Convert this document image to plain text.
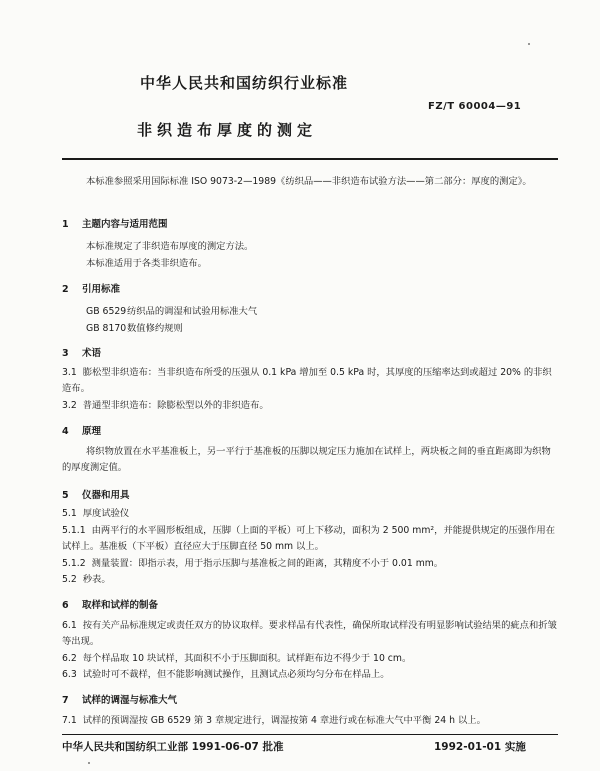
中华人民共和国纺织行业标准
FZ/T 60004—91
非织造布厚度的测定
本标准参照采用国际标准 ISO 9073-2—1989《纺织品——非织造布试验方法——第二部分：厚度的测定》。
1 主题内容与适用范围
本标准规定了非织造布厚度的测定方法。
本标准适用于各类非织造布。
2 引用标准
GB 6529 纺织品的调湿和试验用标准大气
GB 8170 数值修约规则
3 术语
3.1 膨松型非织造布：当非织造布所受的压强从 0.1 kPa 增加至 0.5 kPa 时，其厚度的压缩率达到或超过 20% 的非织造布。
3.2 普通型非织造布：除膨松型以外的非织造布。
4 原理
将织物放置在水平基准板上，另一平行于基准板的压脚以规定压力施加在试样上，两块板之间的垂直距离即为织物的厚度测定值。
5 仪器和用具
5.1 厚度试验仪
5.1.1 由两平行的水平圆形板组成，压脚（上面的平板）可上下移动，面积为 2 500 mm²，并能提供规定的压强作用在试样上。基准板（下平板）直径应大于压脚直径 50 mm 以上。
5.1.2 测量装置：即指示表，用于指示压脚与基准板之间的距离，其精度不小于 0.01 mm。
5.2 秒表。
6 取样和试样的制备
6.1 按有关产品标准规定或责任双方的协议取样。要求样品有代表性，确保所取试样没有明显影响试验结果的疵点和折皱等出现。
6.2 每个样品取 10 块试样，其面积不小于压脚面积。试样距布边不得少于 10 cm。
6.3 试验时可不裁样，但不能影响测试操作，且测试点必须均匀分布在样品上。
7 试样的调湿与标准大气
7.1 试样的预调湿按 GB 6529 第 3 章规定进行，调湿按第 4 章进行或在标准大气中平衡 24 h 以上。
中华人民共和国纺织工业部 1991-06-07 批准	1992-01-01 实施
